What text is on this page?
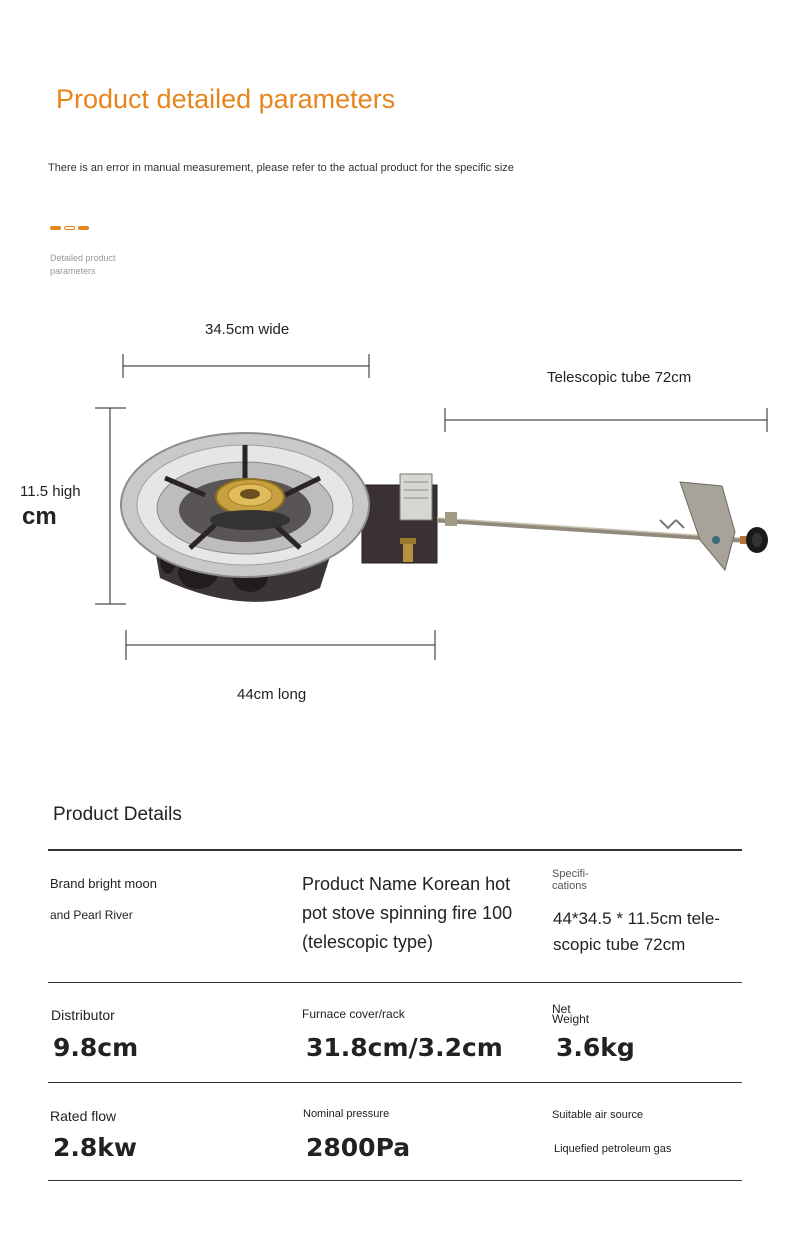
Product detailed parameters
There is an error in manual measurement, please refer to the actual product for the specific size
Detailed product parameters
34.5cm wide
Telescopic tube 72cm
11.5 high
cm
44cm long
Product Details
Brand bright moon
and Pearl River
Product Name Korean hot pot stove spinning fire 100 (telescopic type)
Specifi-
cations
44*34.5 * 11.5cm tele-scopic tube 72cm
Distributor
9.8cm
Furnace cover/rack
31.8cm/3.2cm
Net
Weight
3.6kg
Rated flow
2.8kw
Nominal pressure
2800Pa
Suitable air source
Liquefied petroleum gas
